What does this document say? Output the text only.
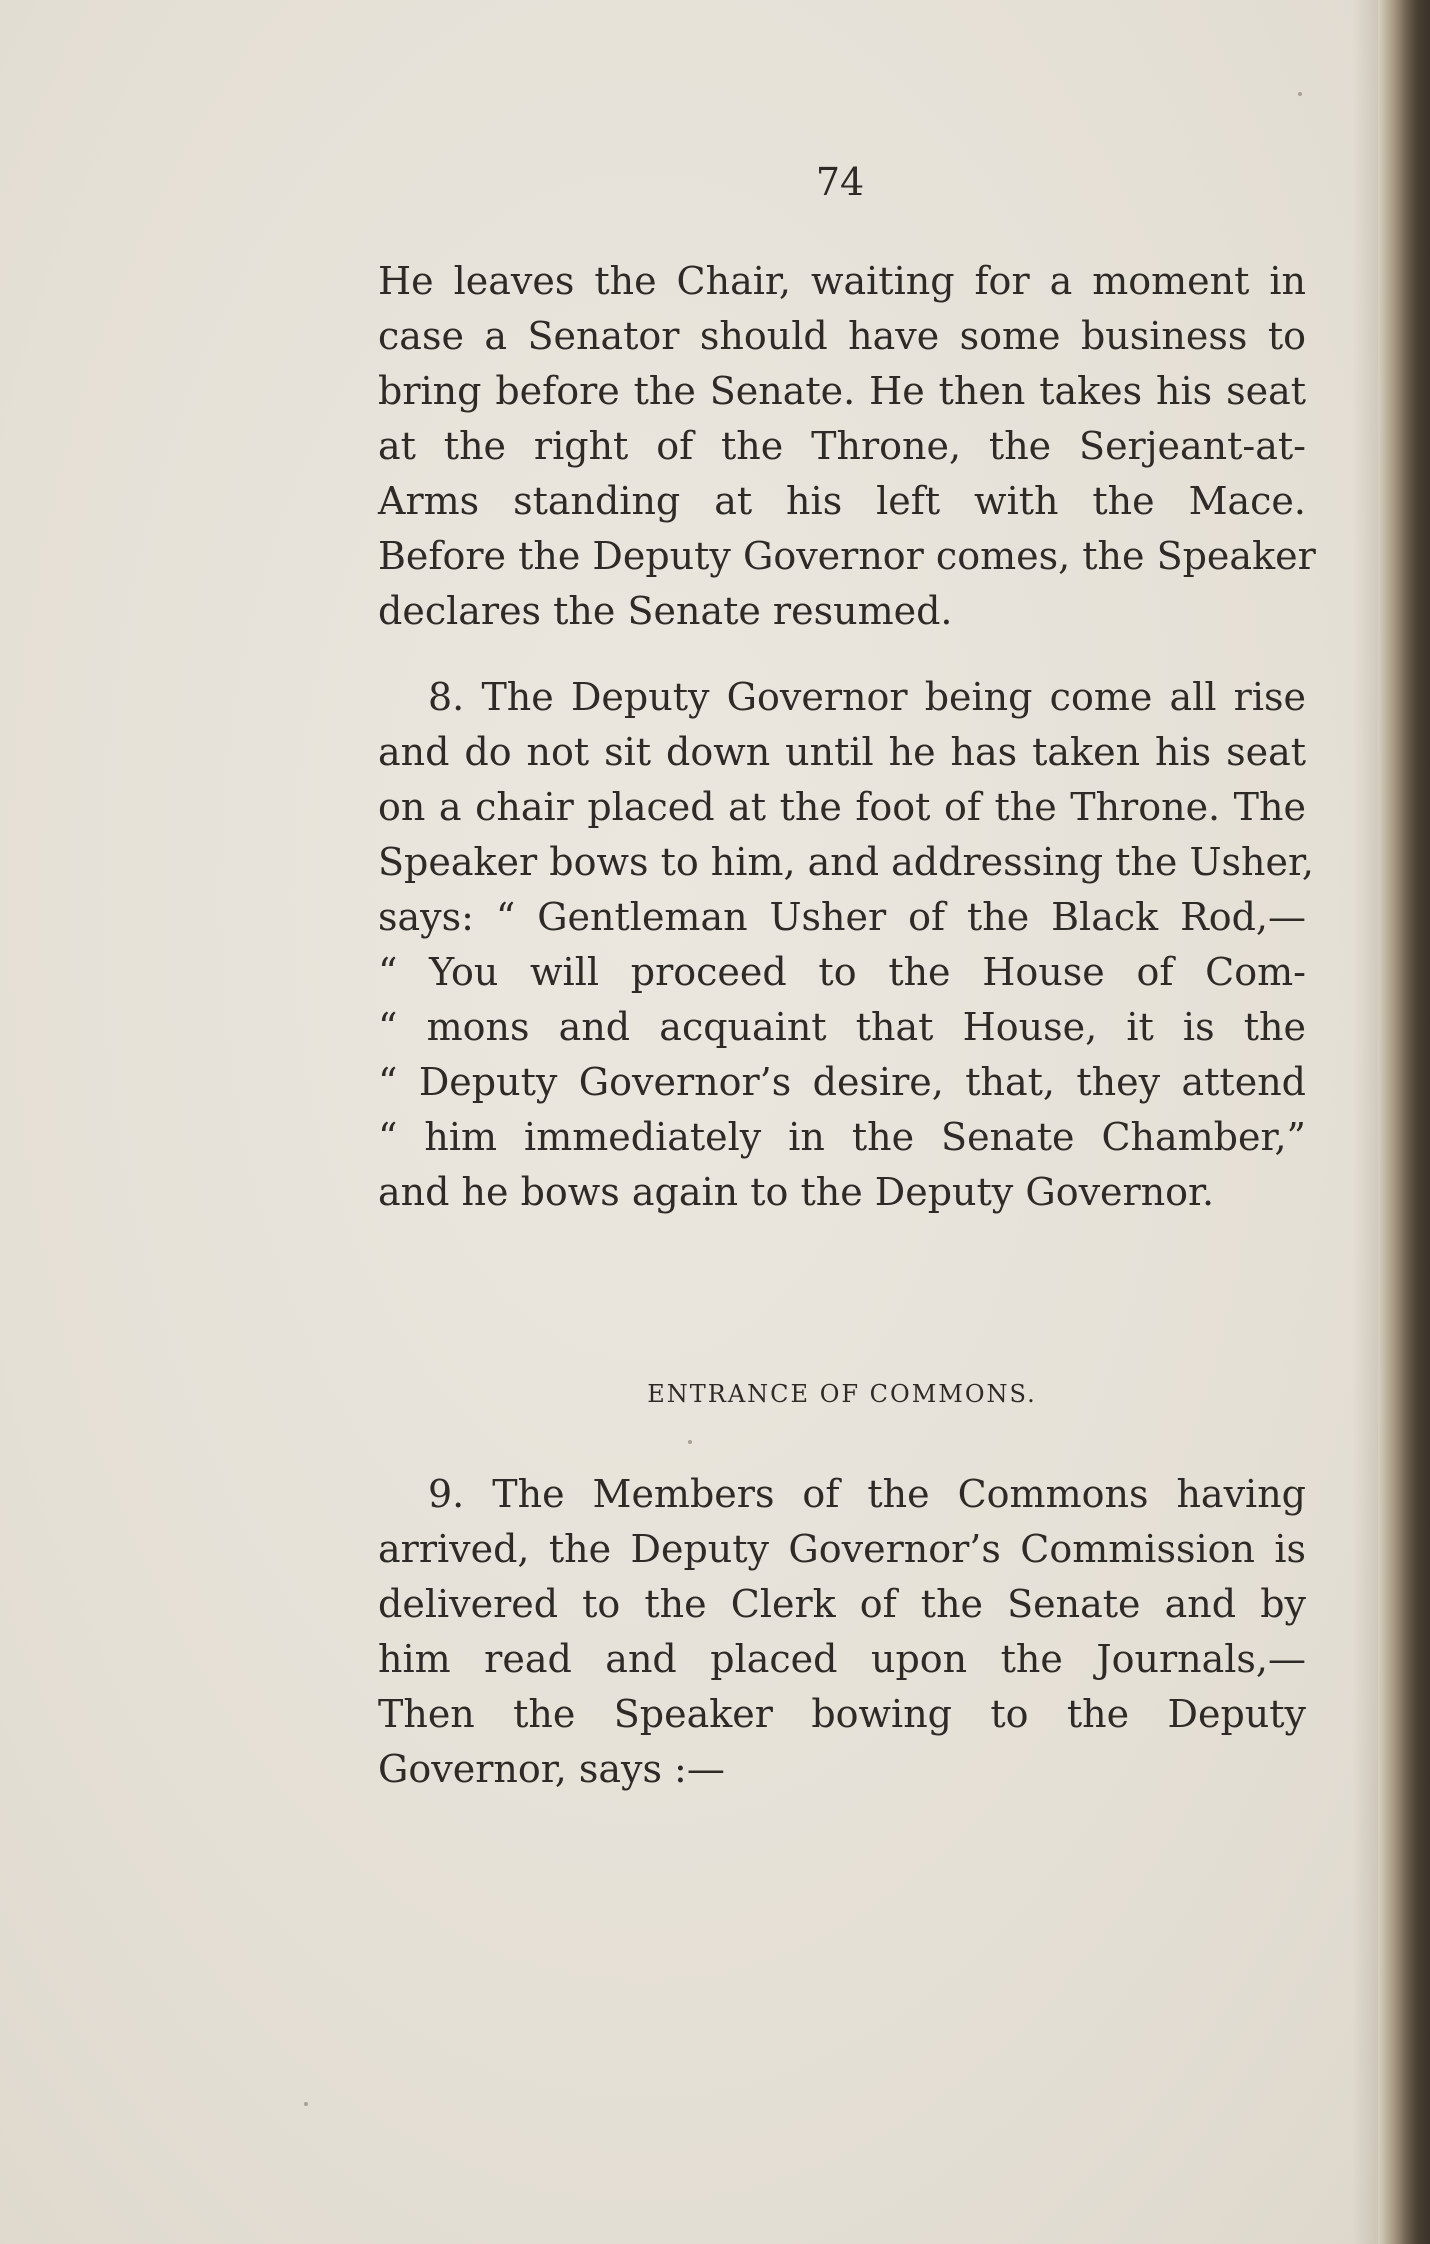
74
He leaves the Chair, waiting for a moment in
case a Senator should have some business to
bring before the Senate. He then takes his seat
at the right of the Throne, the Serjeant-at-
Arms standing at his left with the Mace.
Before the Deputy Governor comes, the Speaker
declares the Senate resumed.
8. The Deputy Governor being come all rise
and do not sit down until he has taken his seat
on a chair placed at the foot of the Throne. The
Speaker bows to him, and addressing the Usher,
says: “ Gentleman Usher of the Black Rod,—
“ You will proceed to the House of Com-
“ mons and acquaint that House, it is the
“ Deputy Governor’s desire, that, they attend
“ him immediately in the Senate Chamber,”
and he bows again to the Deputy Governor.
ENTRANCE OF COMMONS.
9. The Members of the Commons having
arrived, the Deputy Governor’s Commission is
delivered to the Clerk of the Senate and by
him read and placed upon the Journals,—
Then the Speaker bowing to the Deputy
Governor, says :—
